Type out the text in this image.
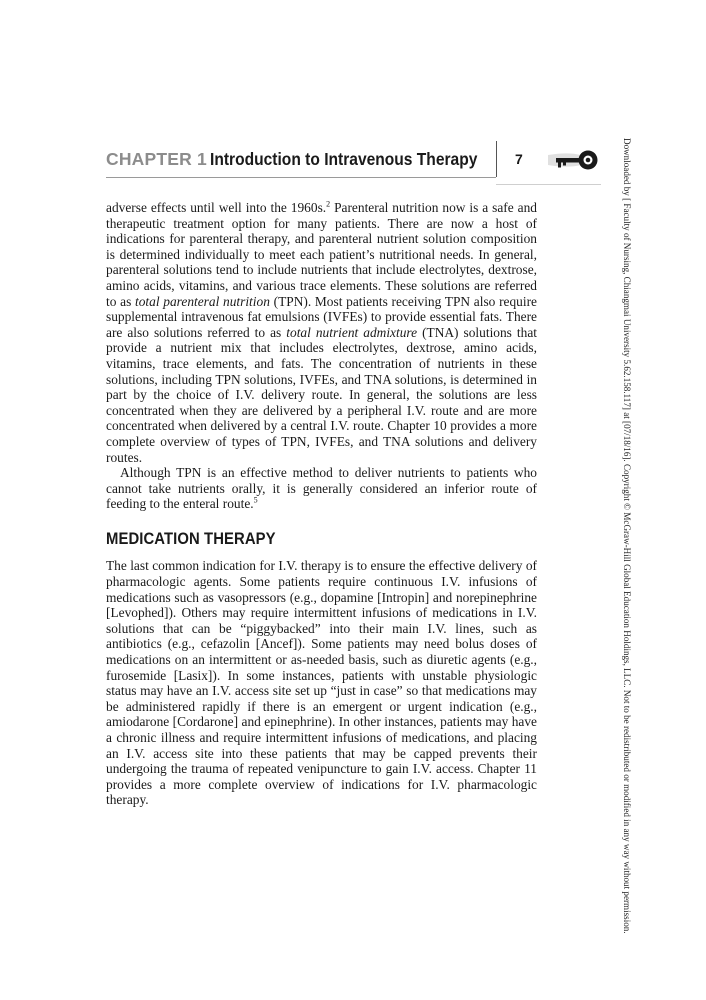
CHAPTER 1 Introduction to Intravenous Therapy	7

adverse effects until well into the 1960s.$^2$ Parenteral nutrition now is a safe and therapeutic treatment option for many patients. There are now a host of indications for parenteral therapy, and parenteral nutrient solution composition is determined individually to meet each patient’s nutritional needs. In general, parenteral solutions tend to include nutrients that include electrolytes, dextrose, amino acids, vitamins, and various trace elements. These solutions are referred to as total parenteral nutrition (TPN). Most patients receiving TPN also require supplemental intravenous fat emulsions (IVFEs) to provide essential fats. There are also solutions referred to as total nutrient admixture (TNA) solutions that provide a nutrient mix that includes electrolytes, dextrose, amino acids, vitamins, trace elements, and fats. The concentration of nutrients in these solutions, including TPN solutions, IVFEs, and TNA solutions, is determined in part by the choice of I.V. delivery route. In general, the solutions are less concentrated when they are delivered by a peripheral I.V. route and are more concentrated when delivered by a central I.V. route. Chapter 10 provides a more complete overview of types of TPN, IVFEs, and TNA solutions and delivery routes.

Although TPN is an effective method to deliver nutrients to patients who cannot take nutrients orally, it is generally considered an inferior route of feeding to the enteral route.$^5$

MEDICATION THERAPY

The last common indication for I.V. therapy is to ensure the effective delivery of pharmacologic agents. Some patients require continuous I.V. infusions of medications such as vasopressors (e.g., dopamine [Intropin] and norepinephrine [Levophed]). Others may require intermittent infusions of medications in I.V. solutions that can be “piggybacked” into their main I.V. lines, such as antibiotics (e.g., cefazolin [Ancef]). Some patients may need bolus doses of medications on an intermittent or as-needed basis, such as diuretic agents (e.g., furosemide [Lasix]). In some instances, patients with unstable physiologic status may have an I.V. access site set up “just in case” so that medications may be administered rapidly if there is an emergent or urgent indication (e.g., amiodarone [Cordarone] and epinephrine). In other instances, patients may have a chronic illness and require intermittent infusions of medications, and placing an I.V. access site into these patients that may be capped prevents their undergoing the trauma of repeated venipuncture to gain I.V. access. Chapter 11 provides a more complete overview of indications for I.V. pharmacologic therapy.	Downloaded by [ Faculty of Nursing, Chiangmai University 5.62.158.117] at [07/18/16]. Copyright © McGraw-Hill Global Education Holdings, LLC. Not to be redistributed or modified in any way without permission.
